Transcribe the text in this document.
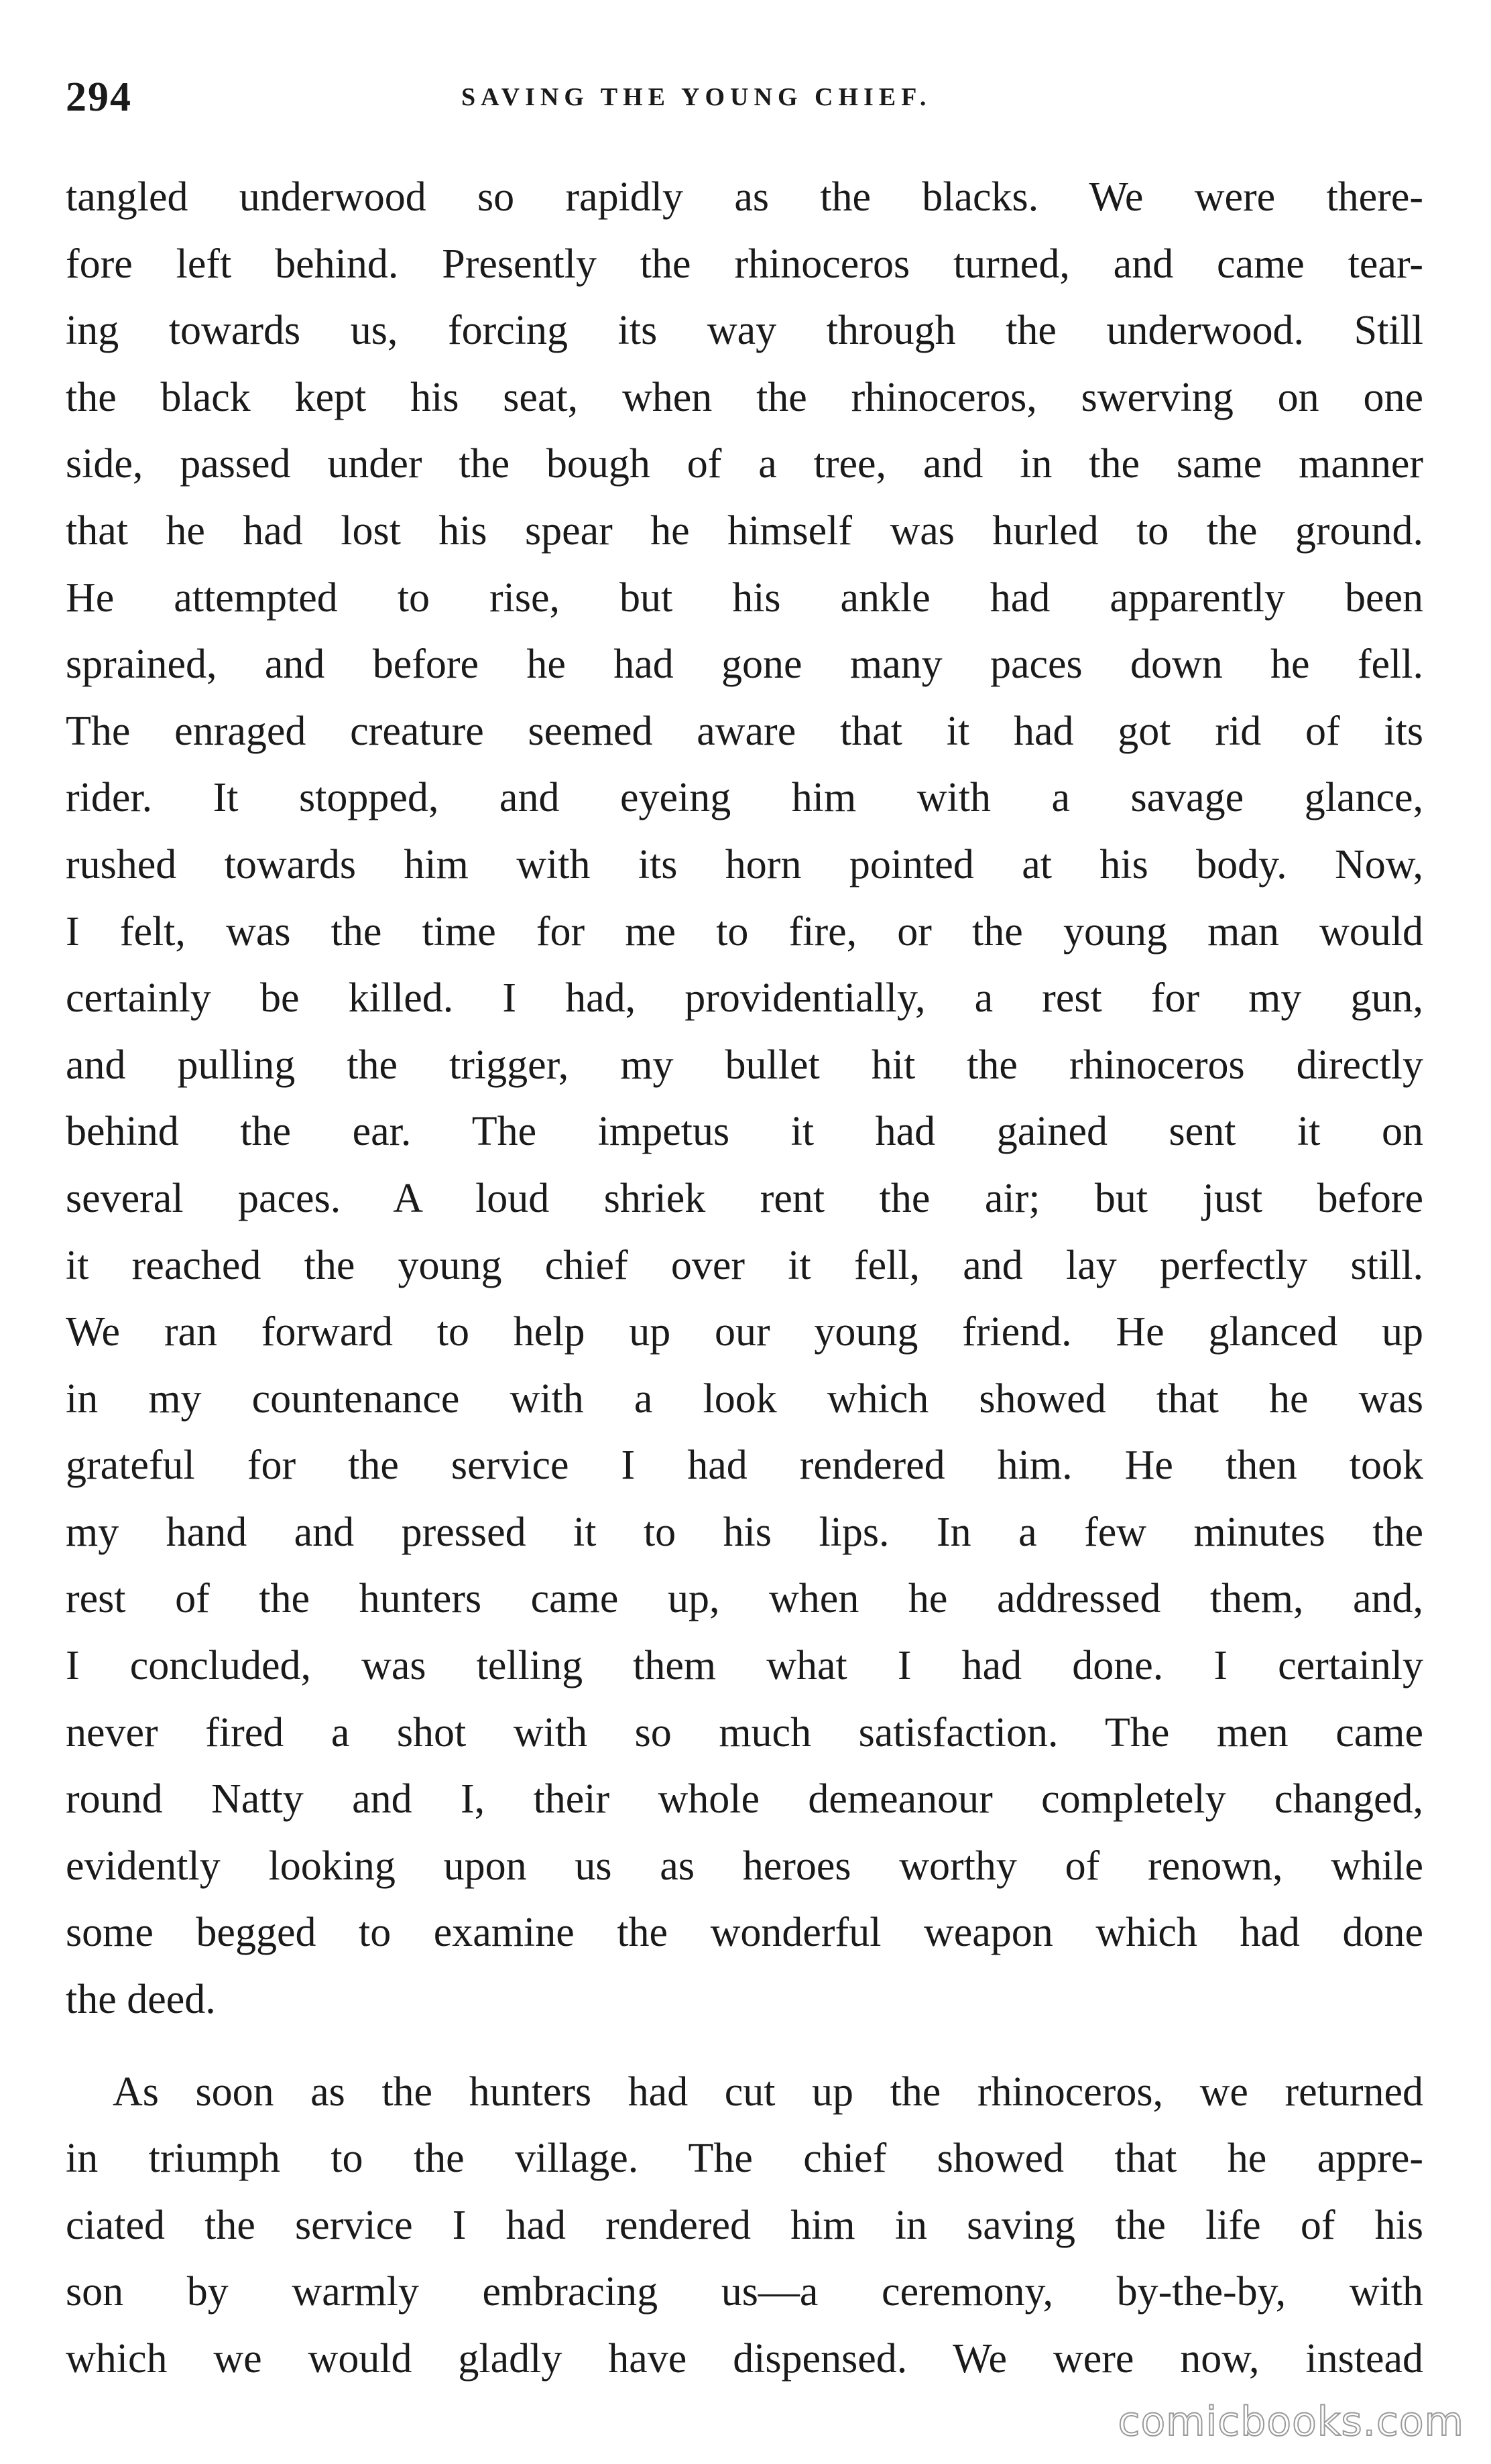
294	SAVING THE YOUNG CHIEF.
tangled underwood so rapidly as the blacks. We were there-
fore left behind. Presently the rhinoceros turned, and came tear-
ing towards us, forcing its way through the underwood. Still
the black kept his seat, when the rhinoceros, swerving on one
side, passed under the bough of a tree, and in the same manner
that he had lost his spear he himself was hurled to the ground.
He attempted to rise, but his ankle had apparently been
sprained, and before he had gone many paces down he fell.
The enraged creature seemed aware that it had got rid of its
rider. It stopped, and eyeing him with a savage glance,
rushed towards him with its horn pointed at his body. Now,
I felt, was the time for me to fire, or the young man would
certainly be killed. I had, providentially, a rest for my gun,
and pulling the trigger, my bullet hit the rhinoceros directly
behind the ear. The impetus it had gained sent it on
several paces. A loud shriek rent the air; but just before
it reached the young chief over it fell, and lay perfectly still.
We ran forward to help up our young friend. He glanced up
in my countenance with a look which showed that he was
grateful for the service I had rendered him. He then took
my hand and pressed it to his lips. In a few minutes the
rest of the hunters came up, when he addressed them, and,
I concluded, was telling them what I had done. I certainly
never fired a shot with so much satisfaction. The men came
round Natty and I, their whole demeanour completely changed,
evidently looking upon us as heroes worthy of renown, while
some begged to examine the wonderful weapon which had done
the deed.
As soon as the hunters had cut up the rhinoceros, we returned
in triumph to the village. The chief showed that he appre-
ciated the service I had rendered him in saving the life of his
son by warmly embracing us—a ceremony, by-the-by, with
which we would gladly have dispensed. We were now, instead
comicbooks.com
